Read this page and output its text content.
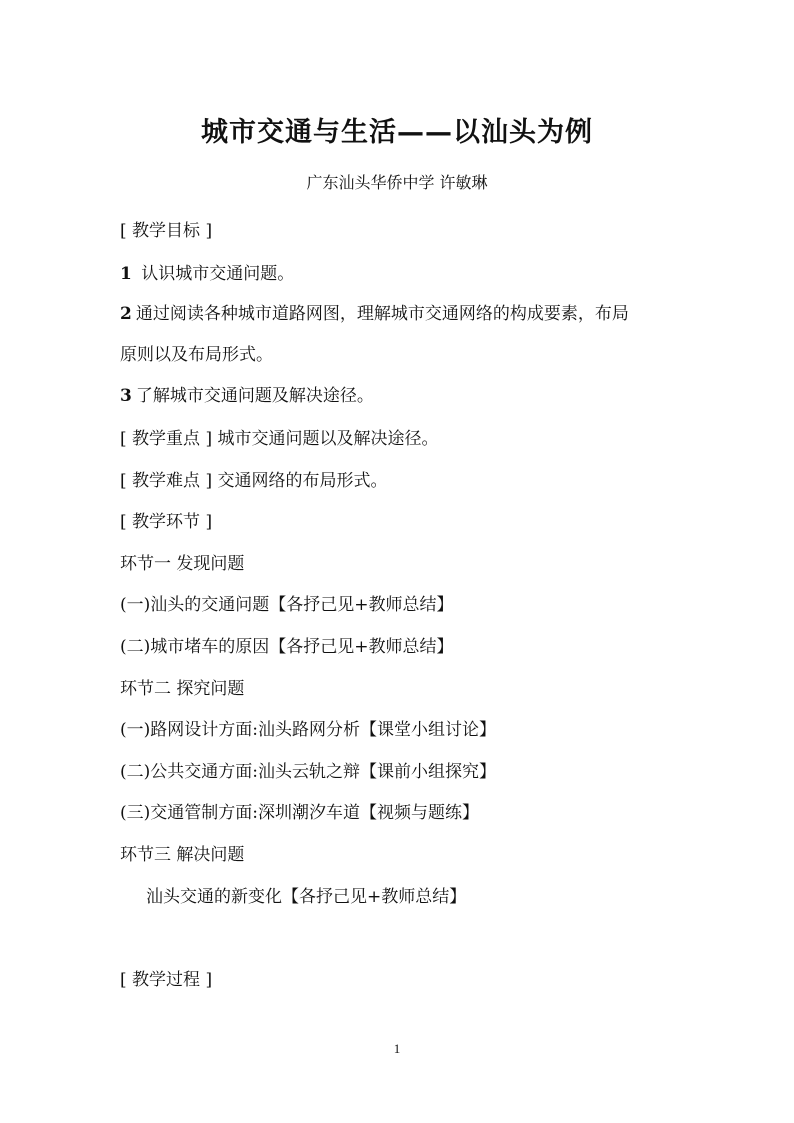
城市交通与生活——以汕头为例
广东汕头华侨中学 许敏琳
[ 教学目标 ]
1 认识城市交通问题。
2 通过阅读各种城市道路网图，理解城市交通网络的构成要素，布局
原则以及布局形式。
3 了解城市交通问题及解决途径。
[ 教学重点 ] 城市交通问题以及解决途径。
[ 教学难点 ] 交通网络的布局形式。
[ 教学环节 ]
环节一 发现问题
(一)汕头的交通问题【各抒己见+教师总结】
(二)城市堵车的原因【各抒己见+教师总结】
环节二 探究问题
(一)路网设计方面:汕头路网分析【课堂小组讨论】
(二)公共交通方面:汕头云轨之辩【课前小组探究】
(三)交通管制方面:深圳潮汐车道【视频与题练】
环节三 解决问题
汕头交通的新变化【各抒己见+教师总结】
[ 教学过程 ]
1
